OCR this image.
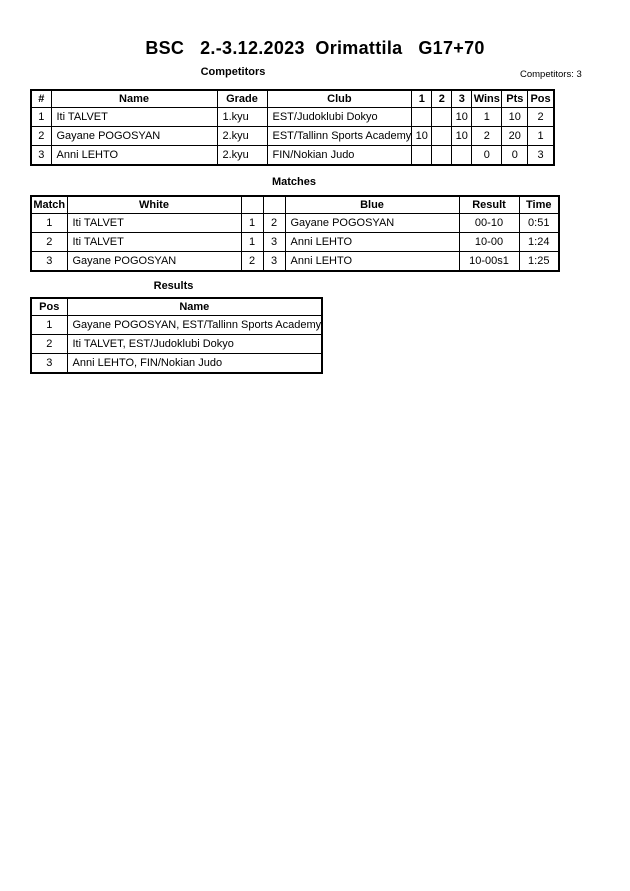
BSC   2.-3.12.2023  Orimattila   G17+70
Competitors	Competitors: 3
#	Name	Grade	Club	1	2	3	Wins	Pts	Pos
1	Iti TALVET	1.kyu	EST/Judoklubi Dokyo			10	1	10	2
2	Gayane POGOSYAN	2.kyu	EST/Tallinn Sports Academy	10		10	2	20	1
3	Anni LEHTO	2.kyu	FIN/Nokian Judo				0	0	3
Matches
Match	White			Blue	Result	Time
1	Iti TALVET	1	2	Gayane POGOSYAN	00-10	0:51
2	Iti TALVET	1	3	Anni LEHTO	10-00	1:24
3	Gayane POGOSYAN	2	3	Anni LEHTO	10-00s1	1:25
Results
Pos	Name
1	Gayane POGOSYAN, EST/Tallinn Sports Academy
2	Iti TALVET, EST/Judoklubi Dokyo
3	Anni LEHTO, FIN/Nokian Judo
